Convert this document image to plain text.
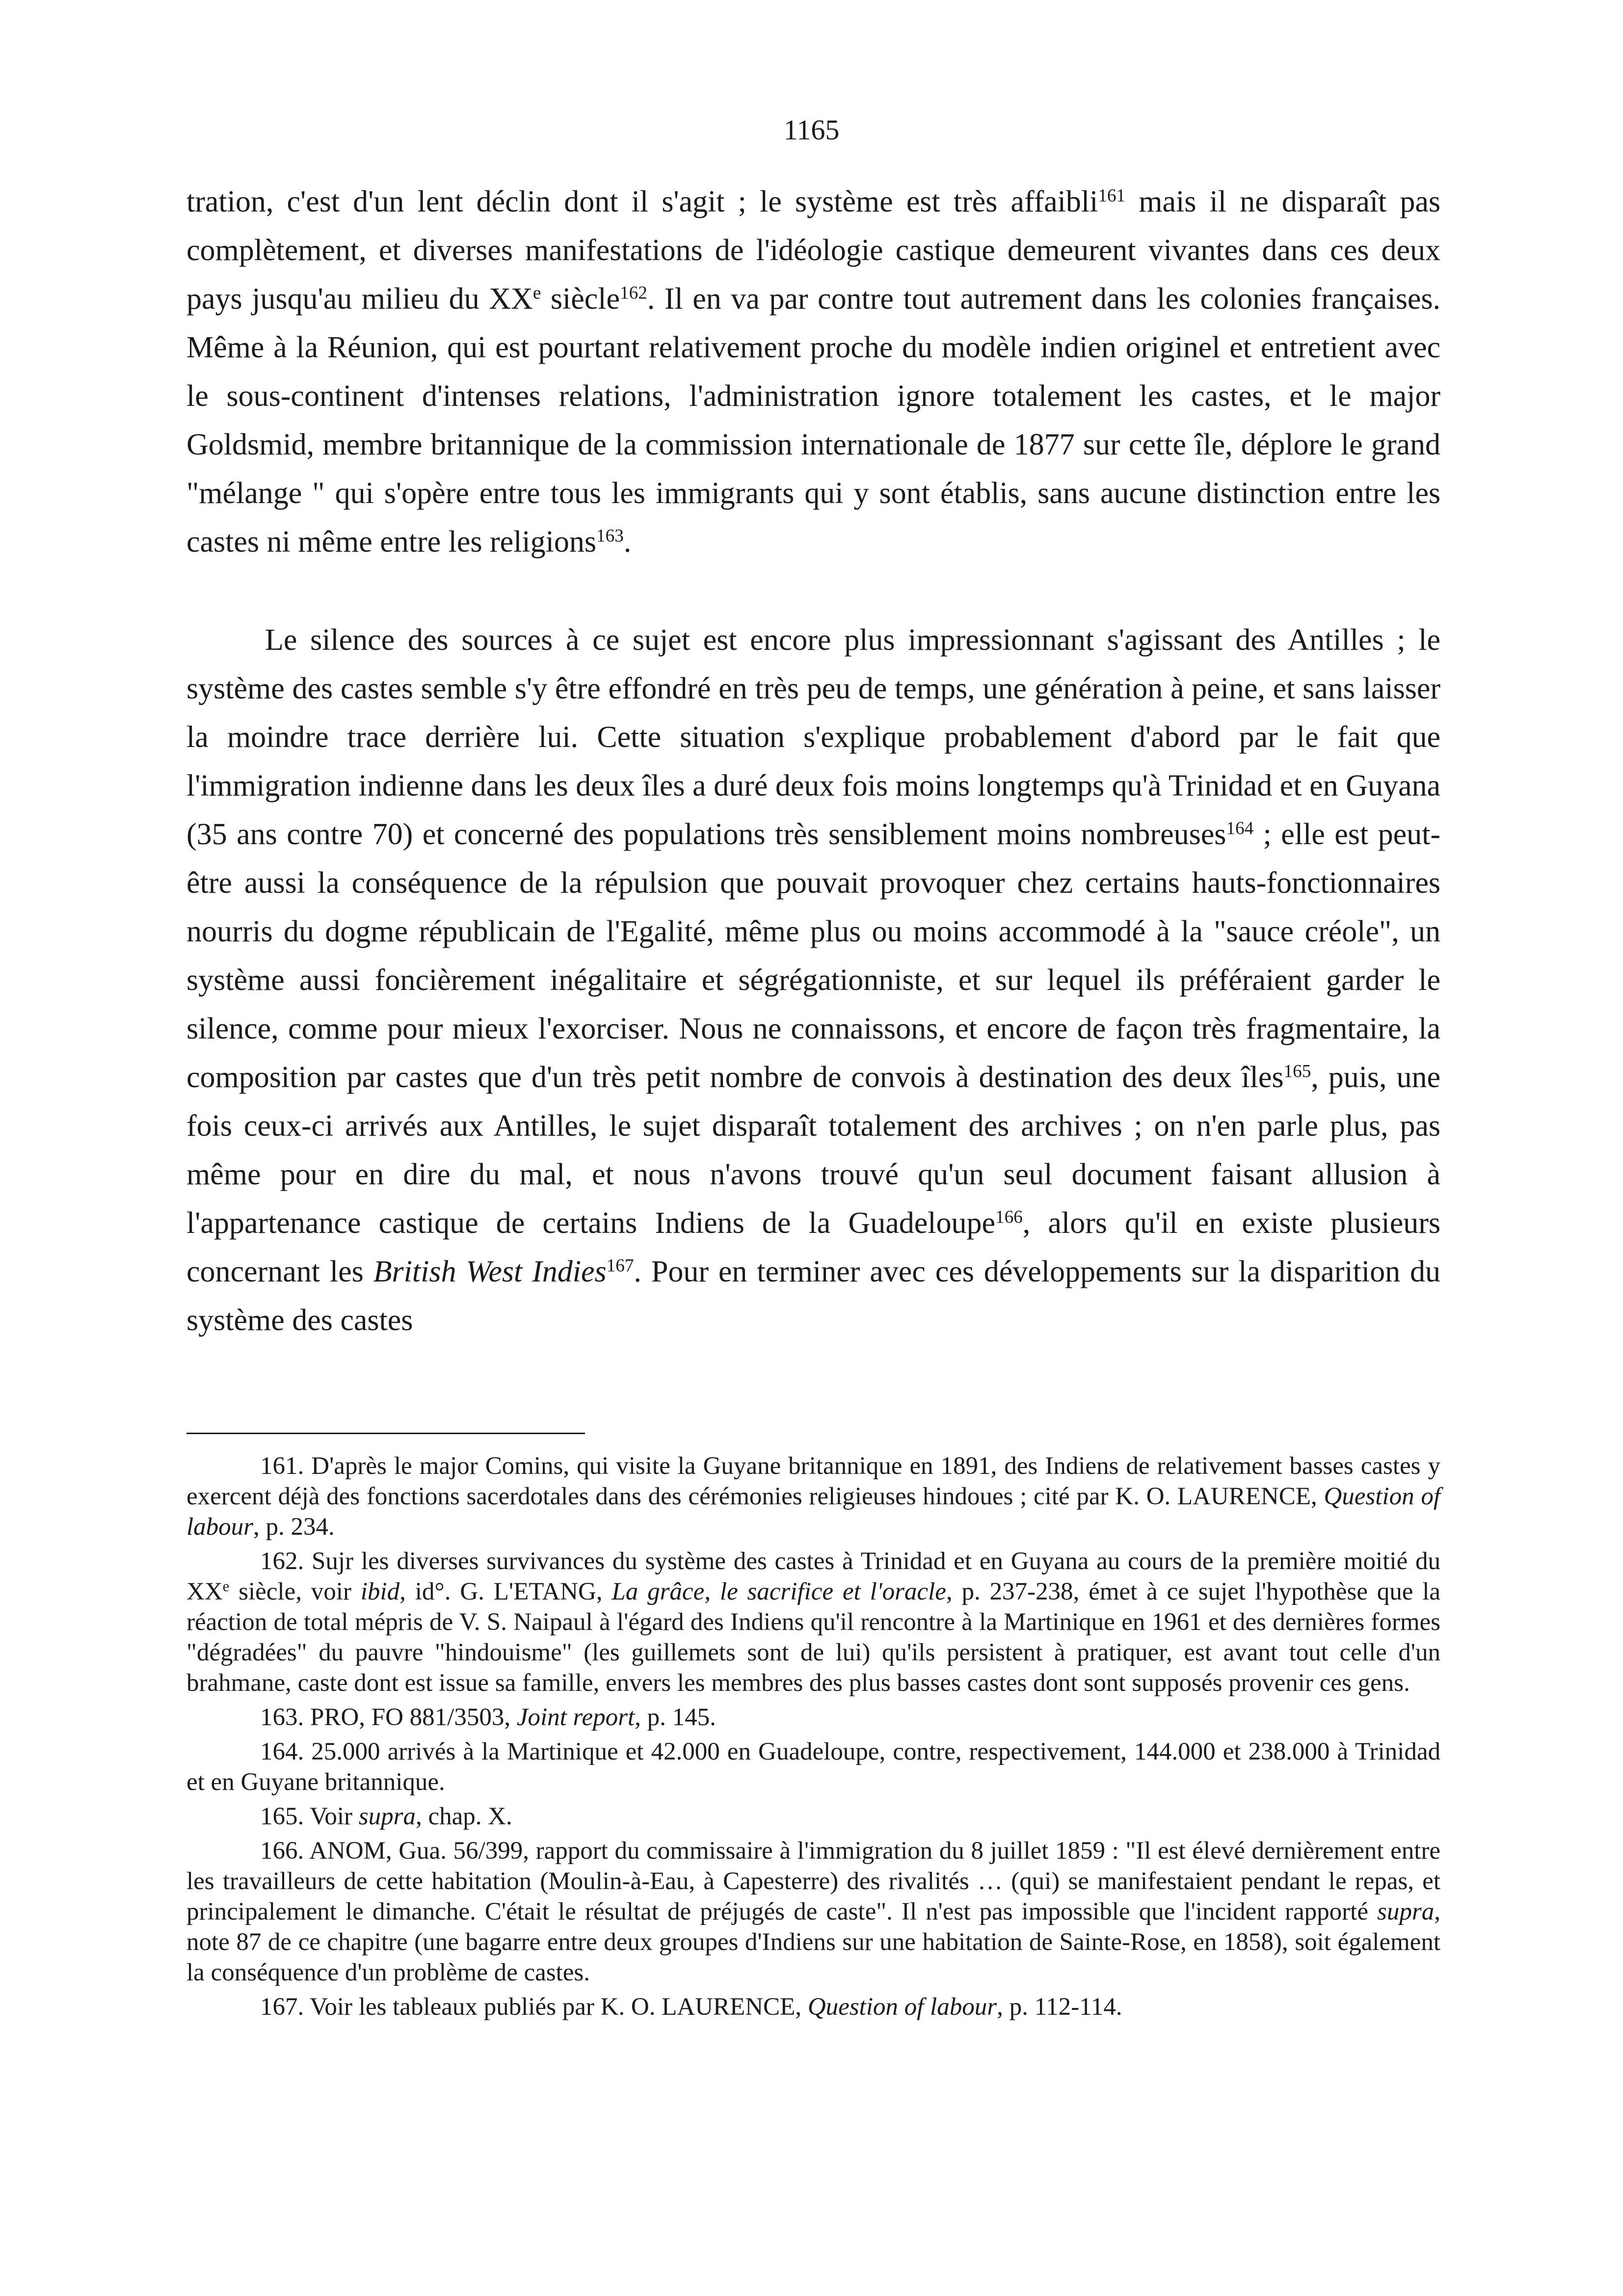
1165

tration, c'est d'un lent déclin dont il s'agit ; le système est très affaibli$^{161}$ mais il ne disparaît pas complètement, et diverses manifestations de l'idéologie castique demeurent vivantes dans ces deux pays jusqu'au milieu du XXe siècle$^{162}$. Il en va par contre tout autrement dans les colonies françaises. Même à la Réunion, qui est pourtant relativement proche du modèle indien originel et entretient avec le sous-continent d'intenses relations, l'administration ignore totalement les castes, et le major Goldsmid, membre britannique de la commission internationale de 1877 sur cette île, déplore le grand "mélange " qui s'opère entre tous les immigrants qui y sont établis, sans aucune distinction entre les castes ni même entre les religions$^{163}$.

Le silence des sources à ce sujet est encore plus impressionnant s'agissant des Antilles ; le système des castes semble s'y être effondré en très peu de temps, une génération à peine, et sans laisser la moindre trace derrière lui. Cette situation s'explique probablement d'abord par le fait que l'immigration indienne dans les deux îles a duré deux fois moins longtemps qu'à Trinidad et en Guyana (35 ans contre 70) et concerné des populations très sensiblement moins nombreuses$^{164}$ ; elle est peut-être aussi la conséquence de la répulsion que pouvait provoquer chez certains hauts-fonctionnaires nourris du dogme républicain de l'Egalité, même plus ou moins accommodé à la "sauce créole", un système aussi foncièrement inégalitaire et ségrégationniste, et sur lequel ils préféraient garder le silence, comme pour mieux l'exorciser. Nous ne connaissons, et encore de façon très fragmentaire, la composition par castes que d'un très petit nombre de convois à destination des deux îles$^{165}$, puis, une fois ceux-ci arrivés aux Antilles, le sujet disparaît totalement des archives ; on n'en parle plus, pas même pour en dire du mal, et nous n'avons trouvé qu'un seul document faisant allusion à l'appartenance castique de certains Indiens de la Guadeloupe$^{166}$, alors qu'il en existe plusieurs concernant les British West Indies$^{167}$. Pour en terminer avec ces développements sur la disparition du système des castes

161. D'après le major Comins, qui visite la Guyane britannique en 1891, des Indiens de relativement basses castes y exercent déjà des fonctions sacerdotales dans des cérémonies religieuses hindoues ; cité par K. O. LAURENCE, Question of labour, p. 234.

162. Sujr les diverses survivances du système des castes à Trinidad et en Guyana au cours de la première moitié du XXe siècle, voir ibid, id°. G. L'ETANG, La grâce, le sacrifice et l'oracle, p. 237-238, émet à ce sujet l'hypothèse que la réaction de total mépris de V. S. Naipaul à l'égard des Indiens qu'il rencontre à la Martinique en 1961 et des dernières formes "dégradées" du pauvre "hindouisme" (les guillemets sont de lui) qu'ils persistent à pratiquer, est avant tout celle d'un brahmane, caste dont est issue sa famille, envers les membres des plus basses castes dont sont supposés provenir ces gens.

163. PRO, FO 881/3503, Joint report, p. 145.

164. 25.000 arrivés à la Martinique et 42.000 en Guadeloupe, contre, respectivement, 144.000 et 238.000 à Trinidad et en Guyane britannique.

165. Voir supra, chap. X.

166. ANOM, Gua. 56/399, rapport du commissaire à l'immigration du 8 juillet 1859 : "Il est élevé dernièrement entre les travailleurs de cette habitation (Moulin-à-Eau, à Capesterre) des rivalités … (qui) se manifestaient pendant le repas, et principalement le dimanche. C'était le résultat de préjugés de caste". Il n'est pas impossible que l'incident rapporté supra, note 87 de ce chapitre (une bagarre entre deux groupes d'Indiens sur une habitation de Sainte-Rose, en 1858), soit également la conséquence d'un problème de castes.

167. Voir les tableaux publiés par K. O. LAURENCE, Question of labour, p. 112-114.
